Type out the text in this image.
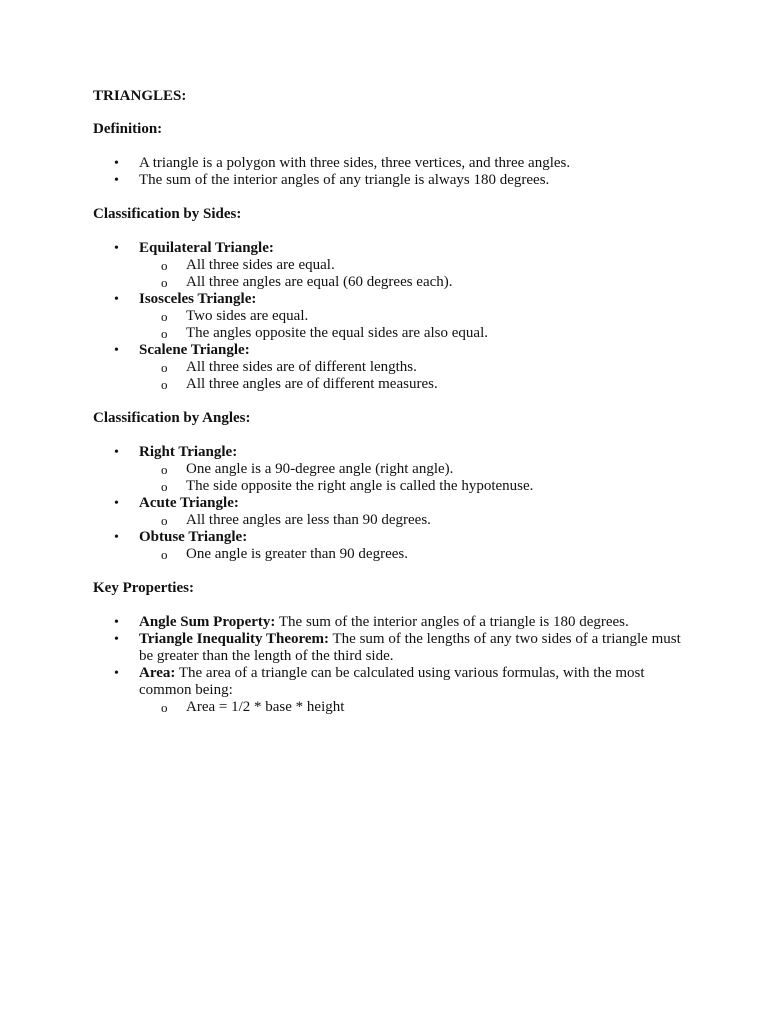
TRIANGLES:

Definition:

• A triangle is a polygon with three sides, three vertices, and three angles.
• The sum of the interior angles of any triangle is always 180 degrees.

Classification by Sides:

• Equilateral Triangle:
o All three sides are equal.
o All three angles are equal (60 degrees each).
• Isosceles Triangle:
o Two sides are equal.
o The angles opposite the equal sides are also equal.
• Scalene Triangle:
o All three sides are of different lengths.
o All three angles are of different measures.

Classification by Angles:

• Right Triangle:
o One angle is a 90-degree angle (right angle).
o The side opposite the right angle is called the hypotenuse.
• Acute Triangle:
o All three angles are less than 90 degrees.
• Obtuse Triangle:
o One angle is greater than 90 degrees.

Key Properties:

• Angle Sum Property: The sum of the interior angles of a triangle is 180 degrees.
• Triangle Inequality Theorem: The sum of the lengths of any two sides of a triangle must be greater than the length of the third side.
• Area: The area of a triangle can be calculated using various formulas, with the most common being:
o Area = 1/2 * base * height
